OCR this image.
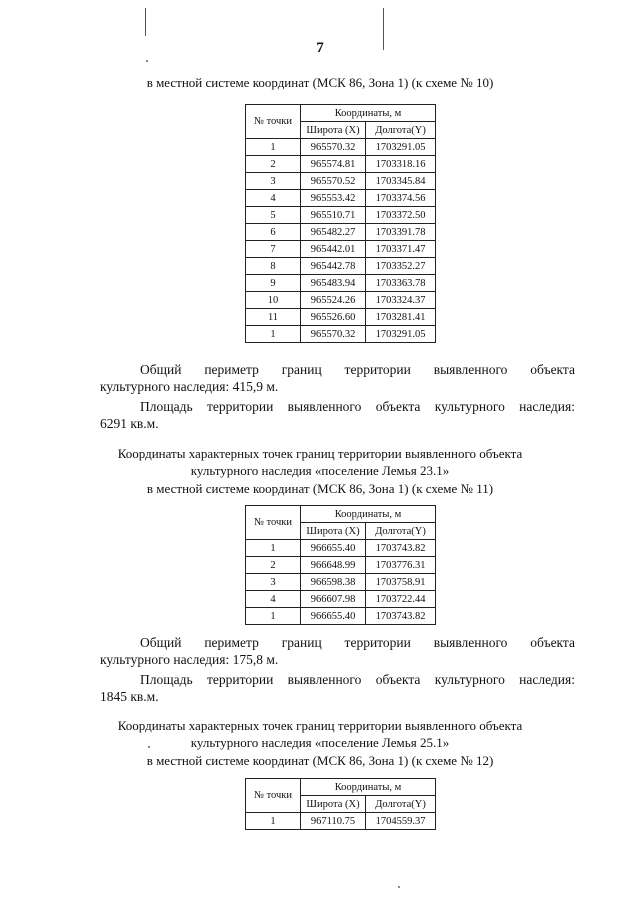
7
в местной системе координат (МСК 86, Зона 1) (к схеме № 10)
№ точки	Координаты, м	
	Широта (X)	Долгота(Y)
1	965570.32	1703291.05
2	965574.81	1703318.16
3	965570.52	1703345.84
4	965553.42	1703374.56
5	965510.71	1703372.50
6	965482.27	1703391.78
7	965442.01	1703371.47
8	965442.78	1703352.27
9	965483.94	1703363.78
10	965524.26	1703324.37
11	965526.60	1703281.41
1	965570.32	1703291.05
Общий периметр границ территории выявленного объекта
культурного наследия: 415,9 м.
Площадь территории выявленного объекта культурного наследия:
6291 кв.м.
Координаты характерных точек границ территории выявленного объекта
культурного наследия «поселение Лемья 23.1»
в местной системе координат (МСК 86, Зона 1) (к схеме № 11)
№ точки	Координаты, м	
	Широта (X)	Долгота(Y)
1	966655.40	1703743.82
2	966648.99	1703776.31
3	966598.38	1703758.91
4	966607.98	1703722.44
1	966655.40	1703743.82
Общий периметр границ территории выявленного объекта
культурного наследия: 175,8 м.
Площадь территории выявленного объекта культурного наследия:
1845 кв.м.
Координаты характерных точек границ территории выявленного объекта
культурного наследия «поселение Лемья 25.1»
в местной системе координат (МСК 86, Зона 1) (к схеме № 12)
№ точки	Координаты, м	
	Широта (X)	Долгота(Y)
1	967110.75	1704559.37
